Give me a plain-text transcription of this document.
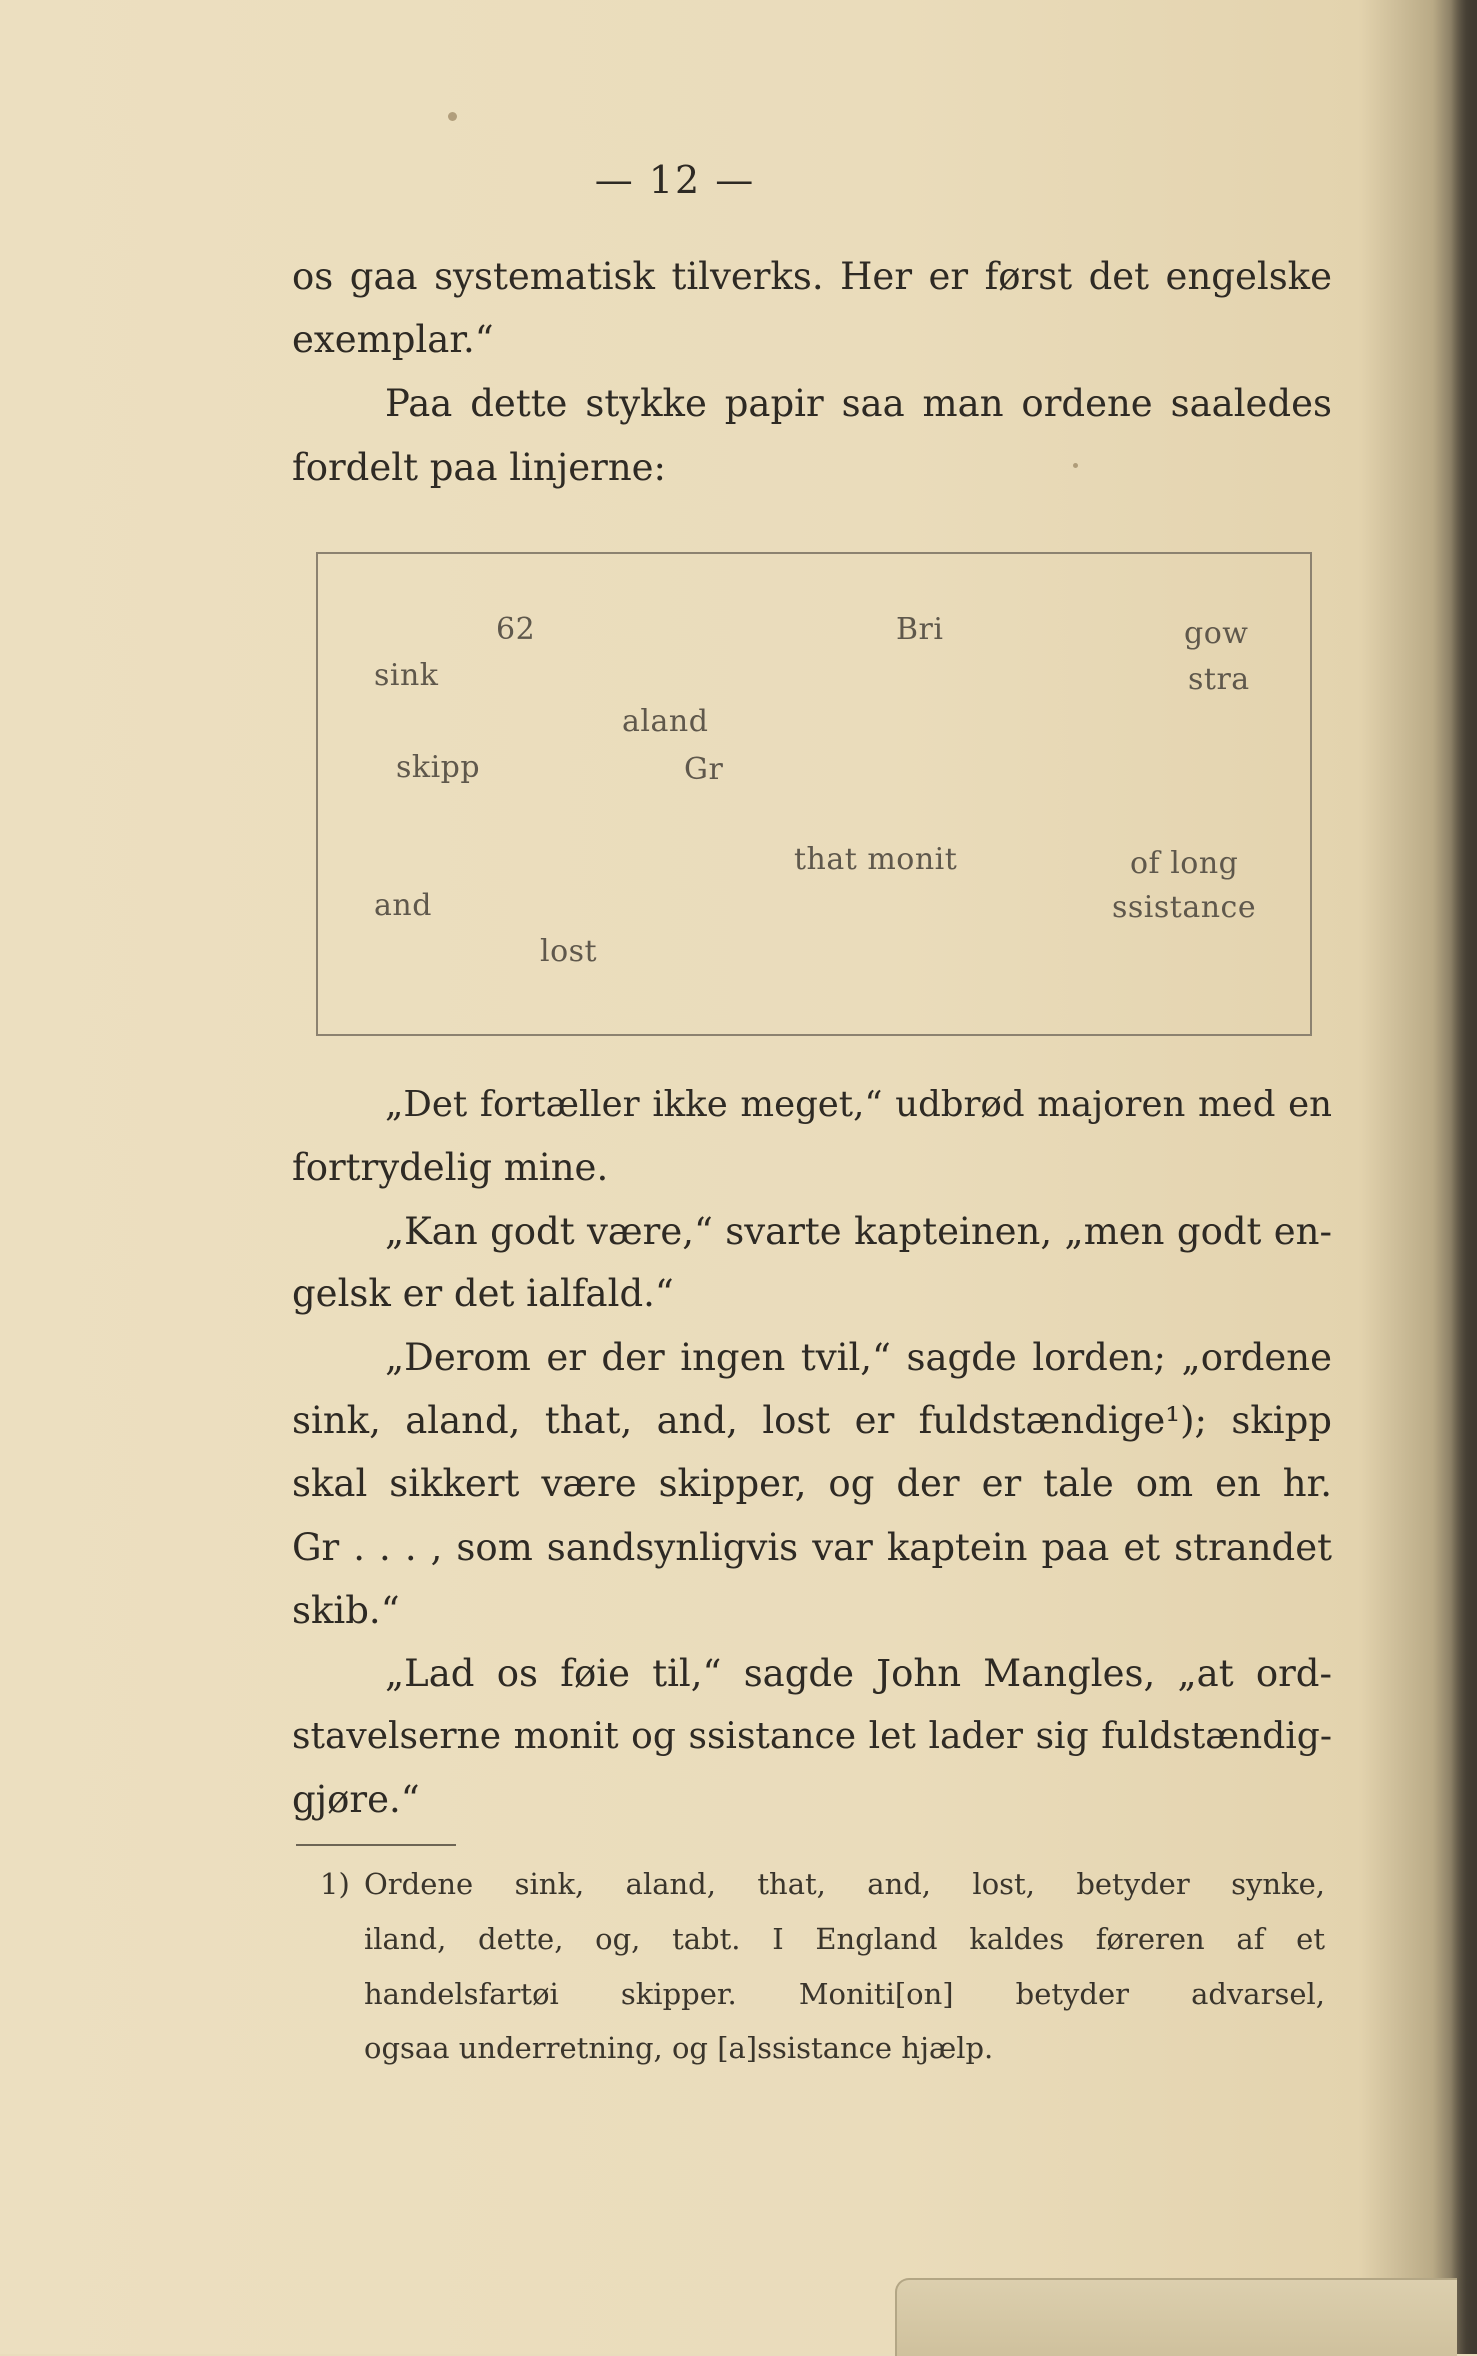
— 12 —
os gaa systematisk tilverks. Her er først det engelske
exemplar.“
Paa dette stykke papir saa man ordene saaledes
fordelt paa linjerne:
62	Bri	gow
sink	stra
aland
skipp	Gr
that monit	of long
and	ssistance
lost
„Det fortæller ikke meget,“ udbrød majoren med en
fortrydelig mine.
„Kan godt være,“ svarte kapteinen, „men godt en-
gelsk er det ialfald.“
„Derom er der ingen tvil,“ sagde lorden; „ordene
sink, aland, that, and, lost er fuldstændige¹); skipp
skal sikkert være skipper, og der er tale om en hr.
Gr . . . , som sandsynligvis var kaptein paa et strandet
skib.“
„Lad os føie til,“ sagde John Mangles, „at ord-
stavelserne monit og ssistance let lader sig fuldstændig-
gjøre.“
1) Ordene sink, aland, that, and, lost, betyder synke,
iland, dette, og, tabt. I England kaldes føreren af et
handelsfartøi skipper. Moniti[on] betyder advarsel,
ogsaa underretning, og [a]ssistance hjælp.
